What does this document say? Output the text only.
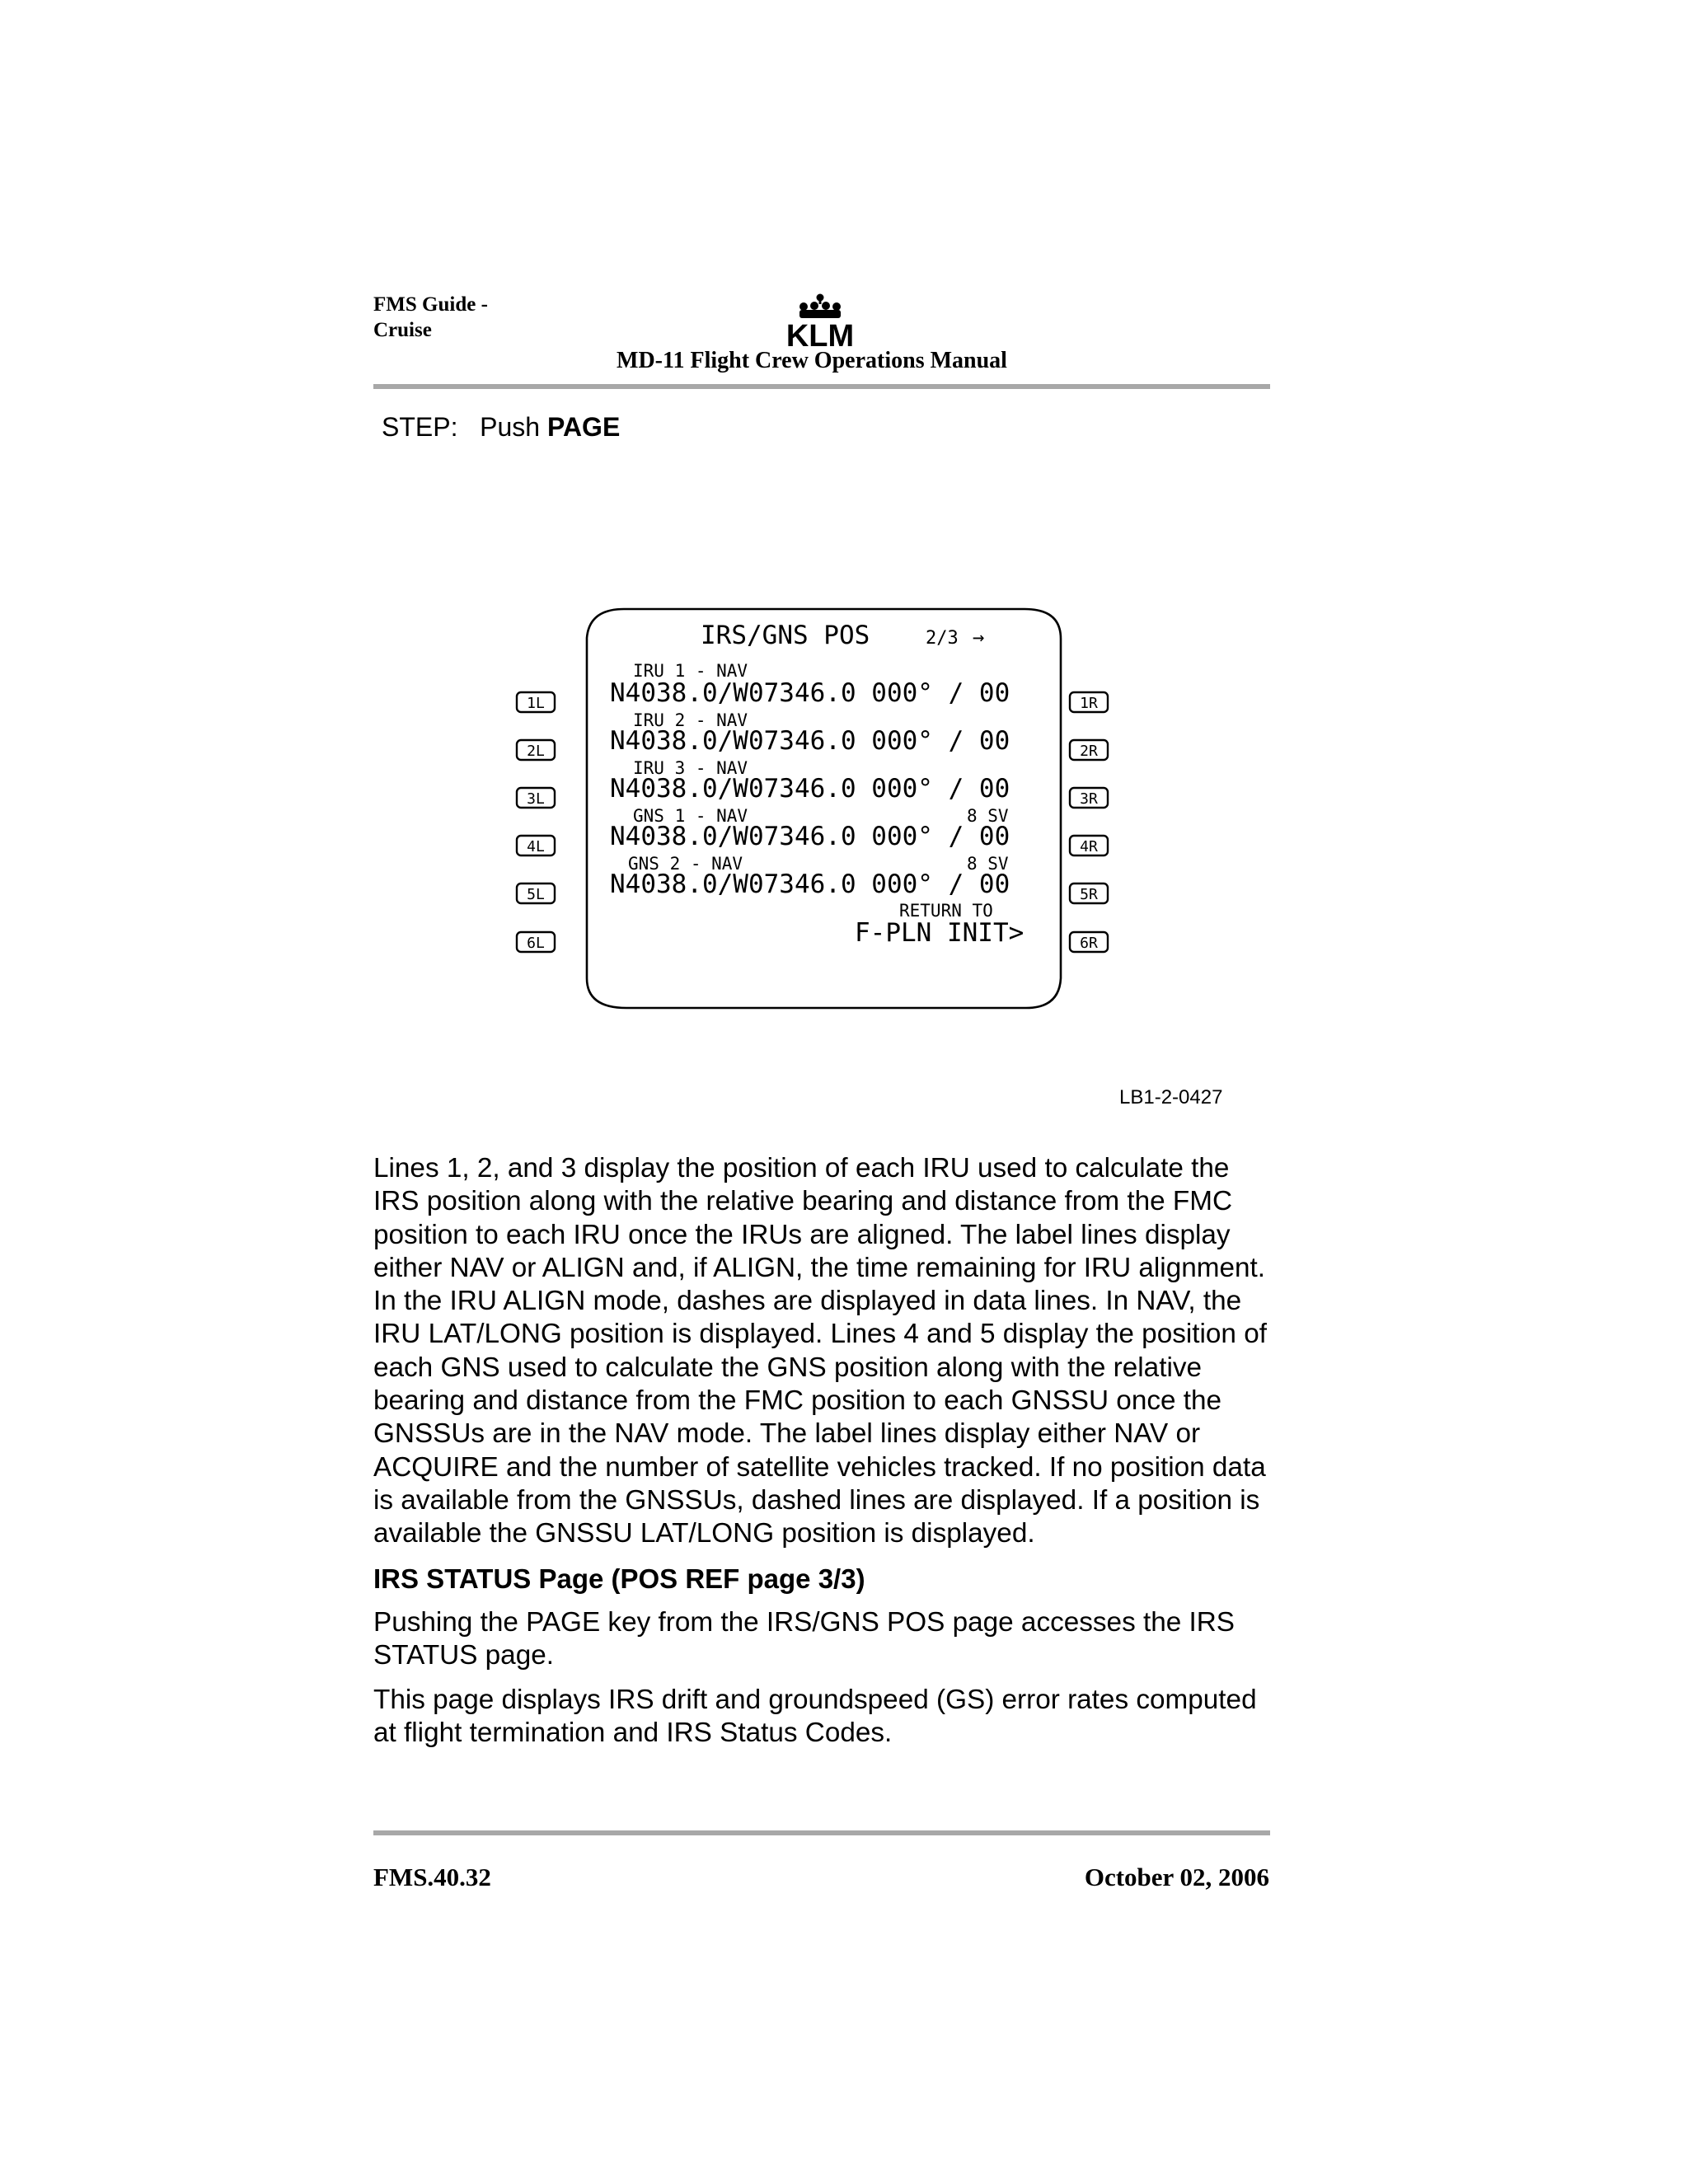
FMS Guide -
Cruise	KLM
MD-11 Flight Crew Operations Manual
STEP: Push PAGE
IRS/GNS POS	2/3 →
IRU 1 - NAV
N4038.0/W07346.0 000° / 00
IRU 2 - NAV
N4038.0/W07346.0 000° / 00
IRU 3 - NAV
N4038.0/W07346.0 000° / 00
GNS 1 - NAV	8 SV
N4038.0/W07346.0 000° / 00
GNS 2 - NAV	8 SV
N4038.0/W07346.0 000° / 00
RETURN TO
F-PLN INIT>
1L
2L
3L
4L
5L
6L
1R
2R
3R
4R
5R
6R
LB1-2-0427

Lines 1, 2, and 3 display the position of each IRU used to calculate the IRS position along with the relative bearing and distance from the FMC position to each IRU once the IRUs are aligned. The label lines display either NAV or ALIGN and, if ALIGN, the time remaining for IRU alignment. In the IRU ALIGN mode, dashes are displayed in data lines. In NAV, the IRU LAT/LONG position is displayed. Lines 4 and 5 display the position of each GNS used to calculate the GNS position along with the relative bearing and distance from the FMC position to each GNSSU once the GNSSUs are in the NAV mode. The label lines display either NAV or ACQUIRE and the number of satellite vehicles tracked. If no position data is available from the GNSSUs, dashed lines are displayed. If a position is available the GNSSU LAT/LONG position is displayed.

IRS STATUS Page (POS REF page 3/3)

Pushing the PAGE key from the IRS/GNS POS page accesses the IRS STATUS page.

This page displays IRS drift and groundspeed (GS) error rates computed at flight termination and IRS Status Codes.

FMS.40.32	October 02, 2006
